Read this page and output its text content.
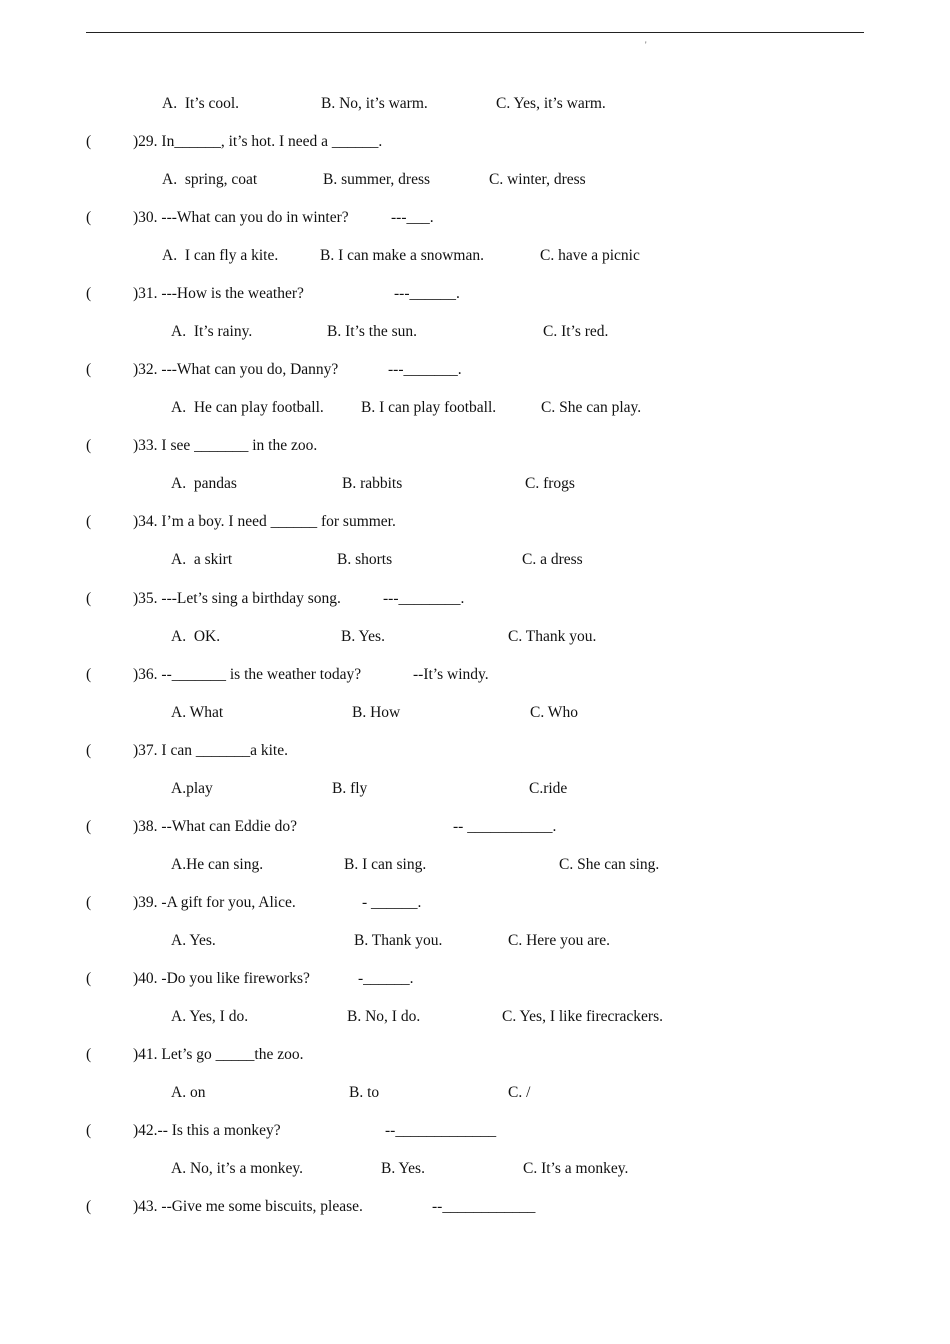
'
A.  It’s cool.	B. No, it’s warm.	C. Yes, it’s warm.
(	)29. In______, it’s hot. I need a ______.
A.  spring, coat	B. summer, dress	C. winter, dress
(	)30. ---What can you do in winter?	---___.
A.  I can fly a kite.	B. I can make a snowman.	C. have a picnic
(	)31. ---How is the weather?	---______.
A.  It’s rainy.	B. It’s the sun.	C. It’s red.
(	)32. ---What can you do, Danny?	---_______.
A.  He can play football. B. I can play football.	C. She can play.
(	)33. I see _______ in the zoo.
A.  pandas	B. rabbits	C. frogs
(	)34. I’m a boy. I need ______ for summer.
A.  a skirt	B. shorts	C. a dress
(	)35. ---Let’s sing a birthday song.	---________.
A.  OK.	B. Yes.	C. Thank you.
(	)36. --_______ is the weather today?	--It’s windy.
A. What	B. How	C. Who
(	)37. I can _______a kite.
A.play	B. fly	C.ride
(	)38. --What can Eddie do?	-- ___________.
A.He can sing.	B. I can sing.	C. She can sing.
(	)39. -A gift for you, Alice.	- ______.
A. Yes.	B. Thank you.	C. Here you are.
(	)40. -Do you like fireworks?	-______.
A. Yes, I do.	B. No, I do.	C. Yes, I like firecrackers.
(	)41. Let’s go _____the zoo.
A. on	B. to	C. /
(	)42.-- Is this a monkey?	--_____________
A. No, it’s a monkey.	B. Yes.	C. It’s a monkey.
(	)43. --Give me some biscuits, please.	--____________
